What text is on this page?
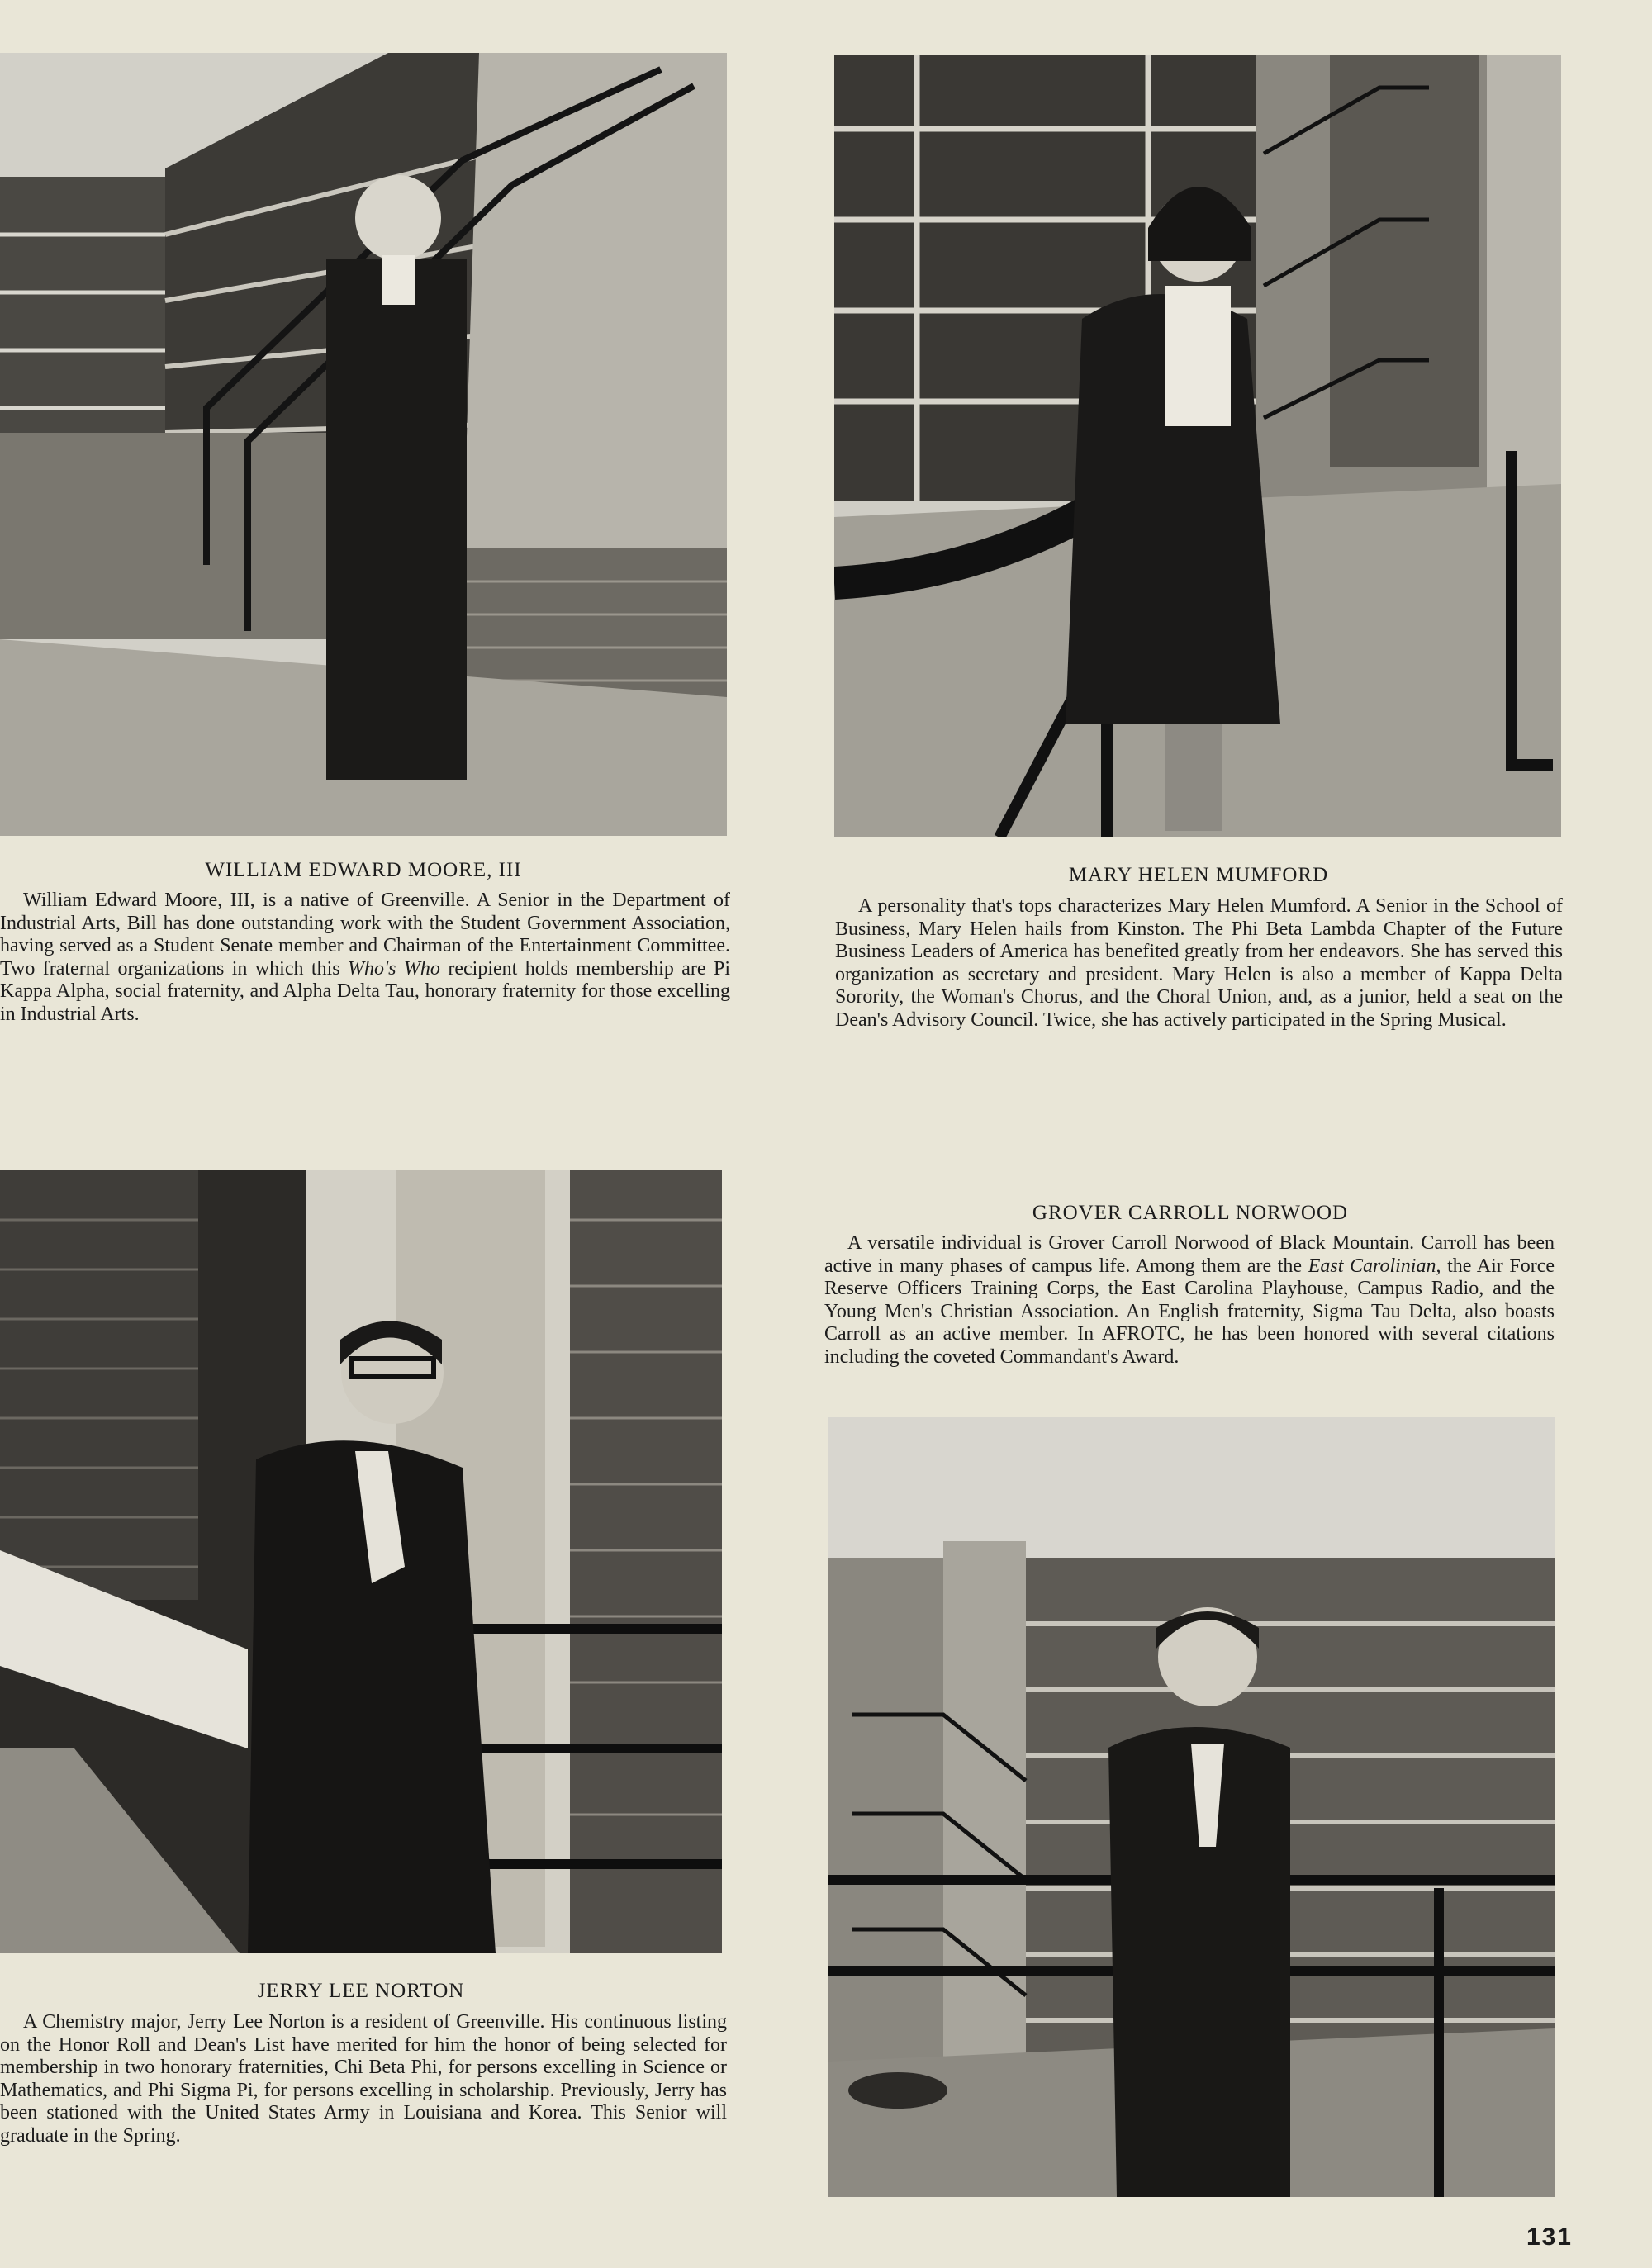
WILLIAM EDWARD MOORE, III
William Edward Moore, III, is a native of Greenville. A Senior in the Department of Industrial Arts, Bill has done outstanding work with the Student Government Association, having served as a Student Senate member and Chairman of the Entertainment Committee. Two fraternal organizations in which this Who's Who recipient holds membership are Pi Kappa Alpha, social fraternity, and Alpha Delta Tau, honorary fraternity for those excelling in Industrial Arts.
MARY HELEN MUMFORD
A personality that's tops characterizes Mary Helen Mumford. A Senior in the School of Business, Mary Helen hails from Kinston. The Phi Beta Lambda Chapter of the Future Business Leaders of America has benefited greatly from her endeavors. She has served this organization as secretary and president. Mary Helen is also a member of Kappa Delta Sorority, the Woman's Chorus, and the Choral Union, and, as a junior, held a seat on the Dean's Advisory Council. Twice, she has actively participated in the Spring Musical.
GROVER CARROLL NORWOOD
A versatile individual is Grover Carroll Norwood of Black Mountain. Carroll has been active in many phases of campus life. Among them are the East Carolinian, the Air Force Reserve Officers Training Corps, the East Carolina Playhouse, Campus Radio, and the Young Men's Christian Association. An English fraternity, Sigma Tau Delta, also boasts Carroll as an active member. In AFROTC, he has been honored with several citations including the coveted Commandant's Award.
JERRY LEE NORTON
A Chemistry major, Jerry Lee Norton is a resident of Greenville. His continuous listing on the Honor Roll and Dean's List have merited for him the honor of being selected for membership in two honorary fraternities, Chi Beta Phi, for persons excelling in Science or Mathematics, and Phi Sigma Pi, for persons excelling in scholarship. Previously, Jerry has been stationed with the United States Army in Louisiana and Korea. This Senior will graduate in the Spring.
131
